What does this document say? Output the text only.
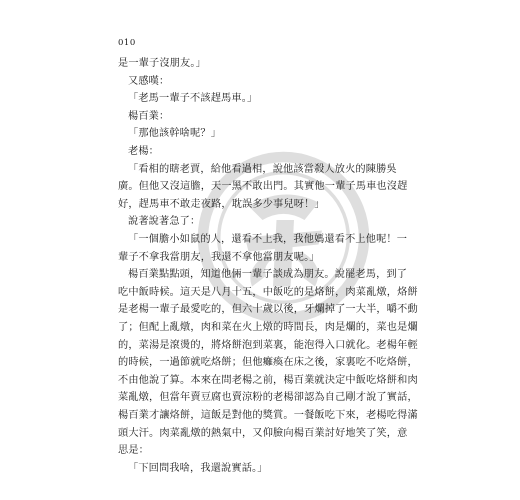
010
是一輩子沒朋友。」
又感嘆：
「老馬一輩子不該趕馬車。」
楊百業：
「那他該幹啥呢？」
老楊：
「看相的瞎老賈，給他看過相，說他該當殺人放火的陳勝吳
廣。但他又沒這膽，天一黑不敢出門。其實他一輩子馬車也沒趕
好，趕馬車不敢走夜路，耽誤多少事兒呀！」
說著說著急了：
「一個膽小如鼠的人，還看不上我，我他媽還看不上他呢！一
輩子不拿我當朋友，我還不拿他當朋友呢。」
楊百業點點頭，知道他倆一輩子談成為朋友。說罷老馬，到了
吃中飯時候。這天是八月十五，中飯吃的是烙餅，肉菜亂燉，烙餅
是老楊一輩子最愛吃的，但六十歲以後，牙爛掉了一大半，嚼不動
了；但配上亂燉，肉和菜在火上燉的時間長，肉是爛的，菜也是爛
的，菜湯是滾燙的，將烙餅泡到菜裏，能泡得入口就化。老楊年輕
的時候，一過節就吃烙餅；但他癱瘓在床之後，家裏吃不吃烙餅，
不由他說了算。本來在問老楊之前，楊百業就決定中飯吃烙餅和肉
菜亂燉，但當年賣豆腐也賣涼粉的老楊卻認為自己剛才說了實話，
楊百業才讓烙餅，這飯是對他的獎賞。一餐飯吃下來，老楊吃得滿
頭大汗。肉菜亂燉的熱氣中，又仰臉向楊百業討好地笑了笑，意
思是：
「下回問我啥，我還說實話。」
